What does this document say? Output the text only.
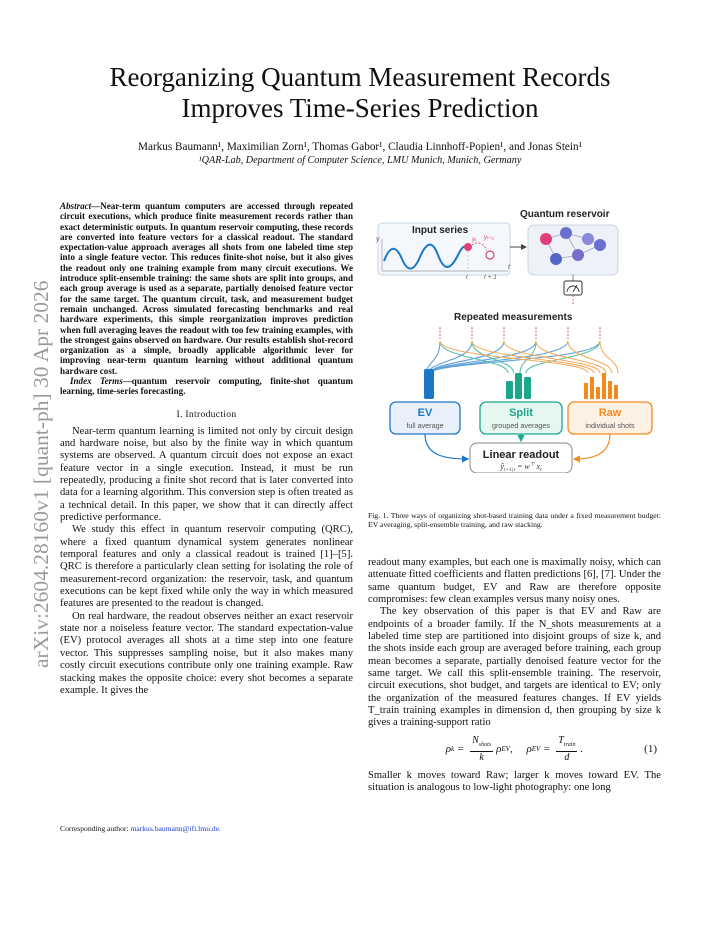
arXiv:2604.28160v1 [quant-ph] 30 Apr 2026
Reorganizing Quantum Measurement Records
Improves Time-Series Prediction
Markus Baumann¹, Maximilian Zorn¹, Thomas Gabor¹, Claudia Linnhoff-Popien¹, and Jonas Stein¹
¹QAR-Lab, Department of Computer Science, LMU Munich, Munich, Germany
Abstract—Near-term quantum computers are accessed through repeated circuit executions, which produce finite measurement records rather than exact deterministic outputs. In quantum reservoir computing, these records are converted into feature vectors for a classical readout. The standard expectation-value approach averages all shots from one labeled time step into a single feature vector. This reduces finite-shot noise, but it also gives the readout only one training example from many circuit executions. We introduce split-ensemble training: the same shots are split into groups, and each group average is used as a separate, partially denoised feature vector for the same target. The quantum circuit, task, and measurement budget remain unchanged. Across simulated forecasting benchmarks and real hardware experiments, this simple reorganization improves prediction when full averaging leaves the readout with too few training examples, with the strongest gains observed on hardware. Our results establish shot-record organization as a simple, broadly applicable algorithmic lever for improving near-term quantum learning without additional quantum hardware cost.
Index Terms—quantum reservoir computing, finite-shot quantum learning, time-series forecasting.
I. Introduction

Near-term quantum learning is limited not only by circuit design and hardware noise, but also by the finite way in which quantum systems are observed. A quantum circuit does not expose an exact feature vector in a single execution. Instead, it must be run repeatedly, producing a finite shot record that is later converted into data for a learning algorithm. This conversion step is often treated as a technical detail. In this paper, we show that it can directly affect predictive performance.

We study this effect in quantum reservoir computing (QRC), where a fixed quantum dynamical system generates nonlinear temporal features and only a classical readout is trained [1]–[5]. QRC is therefore a particularly clean setting for isolating the role of measurement-record organization: the reservoir, task, and quantum executions can be kept fixed while only the way in which measured features are presented to the readout is changed.

On real hardware, the readout observes neither an exact reservoir state nor a noiseless feature vector. The standard expectation-value (EV) protocol averages all shots at a time step into one feature vector. This suppresses sampling noise, but it also makes many costly circuit executions contribute only one training example. Raw stacking makes the opposite choice: every shot becomes a separate example. It gives the

Corresponding author: markus.baumann@ifi.lmu.de.
Input series
y
t
yₜ yₜ₊₁
t t + 1
Quantum reservoir
Repeated measurements
EV
full average
Split
grouped averages
Raw
individual shots
Linear readout
$ŷ_{t+1|t} = w^⊤$ $x_t$
Fig. 1. Three ways of organizing shot-based training data under a fixed measurement budget: EV averaging, split-ensemble training, and raw stacking.

readout many examples, but each one is maximally noisy, which can attenuate fitted coefficients and flatten predictions [6], [7]. Under the same quantum budget, EV and Raw are therefore opposite compromises: few clean examples versus many noisy ones.

The key observation of this paper is that EV and Raw are endpoints of a broader family. If the N_shots measurements at a labeled time step are partitioned into disjoint groups of size k, and the shots inside each group are averaged before training, each group mean becomes a separate, partially denoised feature vector for the same target. We call this split-ensemble training. The reservoir, circuit executions, shot budget, and targets are identical to EV; only the organization of the measured features changes. If EV yields T_train training examples in dimension d, then grouping by size k gives a training-support ratio

ρ $k = \frac{N_{shots}}{k}$ ρ EV ,     ρ EV = $\frac{T_{train}}{d}$ .	(1)

Smaller k moves toward Raw; larger k moves toward EV. The situation is analogous to low-light photography: one long
